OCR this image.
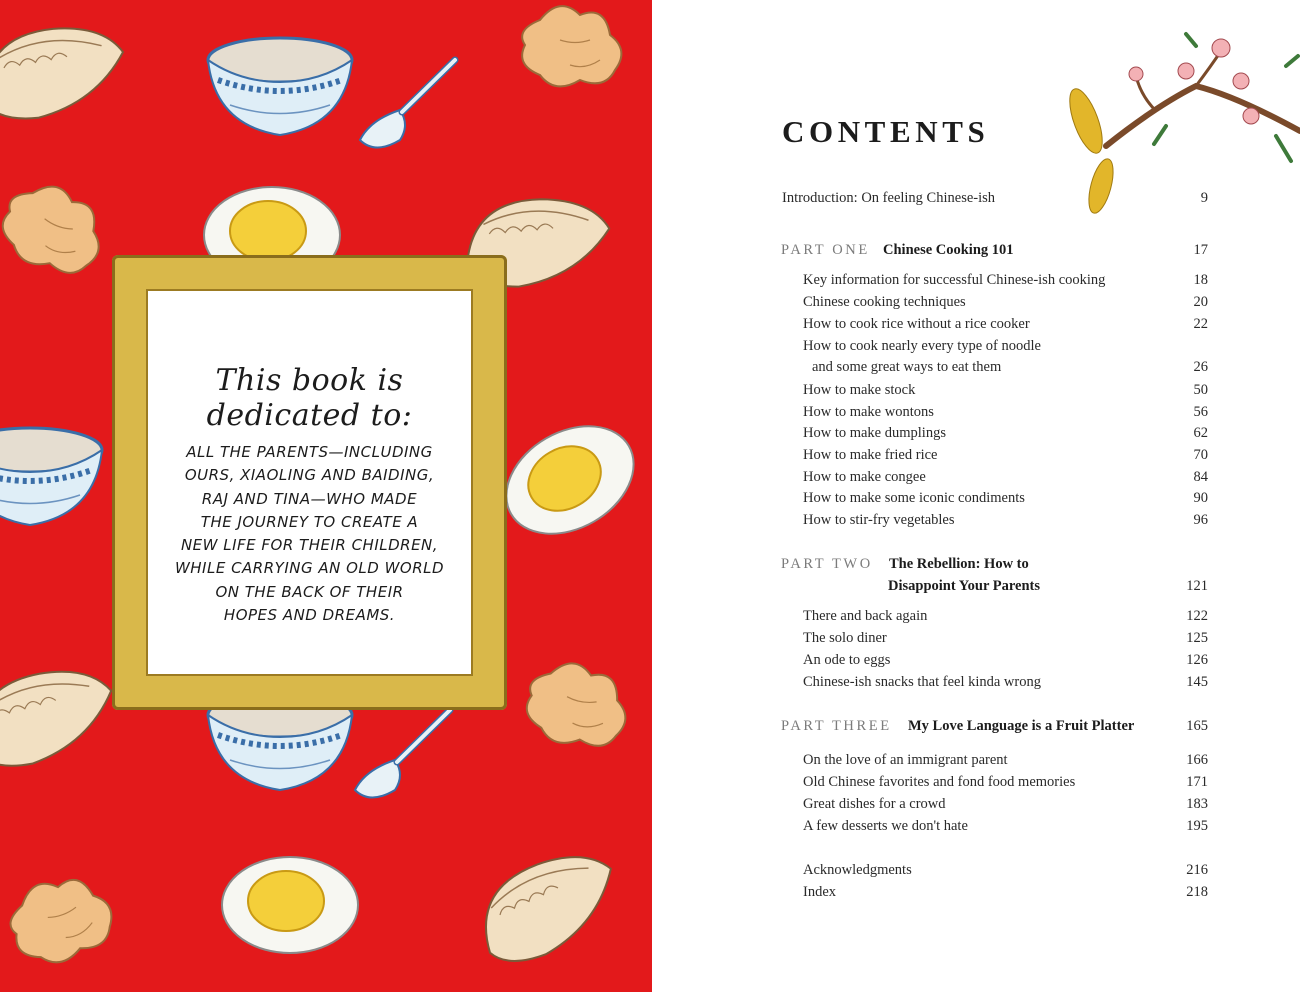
This book is dedicated to:
ALL THE PARENTS—INCLUDING
OURS, XIAOLING AND BAIDING,
RAJ AND TINA—WHO MADE
THE JOURNEY TO CREATE A
NEW LIFE FOR THEIR CHILDREN,
WHILE CARRYING AN OLD WORLD
ON THE BACK OF THEIR
HOPES AND DREAMS.
CONTENTS
Introduction: On feeling Chinese-ish	9
PART ONE Chinese Cooking 101	17
Key information for successful Chinese-ish cooking	18
Chinese cooking techniques	20
How to cook rice without a rice cooker	22
How to cook nearly every type of noodle
and some great ways to eat them	26
How to make stock	50
How to make wontons	56
How to make dumplings	62
How to make fried rice	70
How to make congee	84
How to make some iconic condiments	90
How to stir-fry vegetables	96
PART TWO The Rebellion: How to
Disappoint Your Parents	121
There and back again	122
The solo diner	125
An ode to eggs	126
Chinese-ish snacks that feel kinda wrong	145
PART THREE My Love Language is a Fruit Platter	165
On the love of an immigrant parent	166
Old Chinese favorites and fond food memories	171
Great dishes for a crowd	183
A few desserts we don't hate	195
Acknowledgments	216
Index	218
